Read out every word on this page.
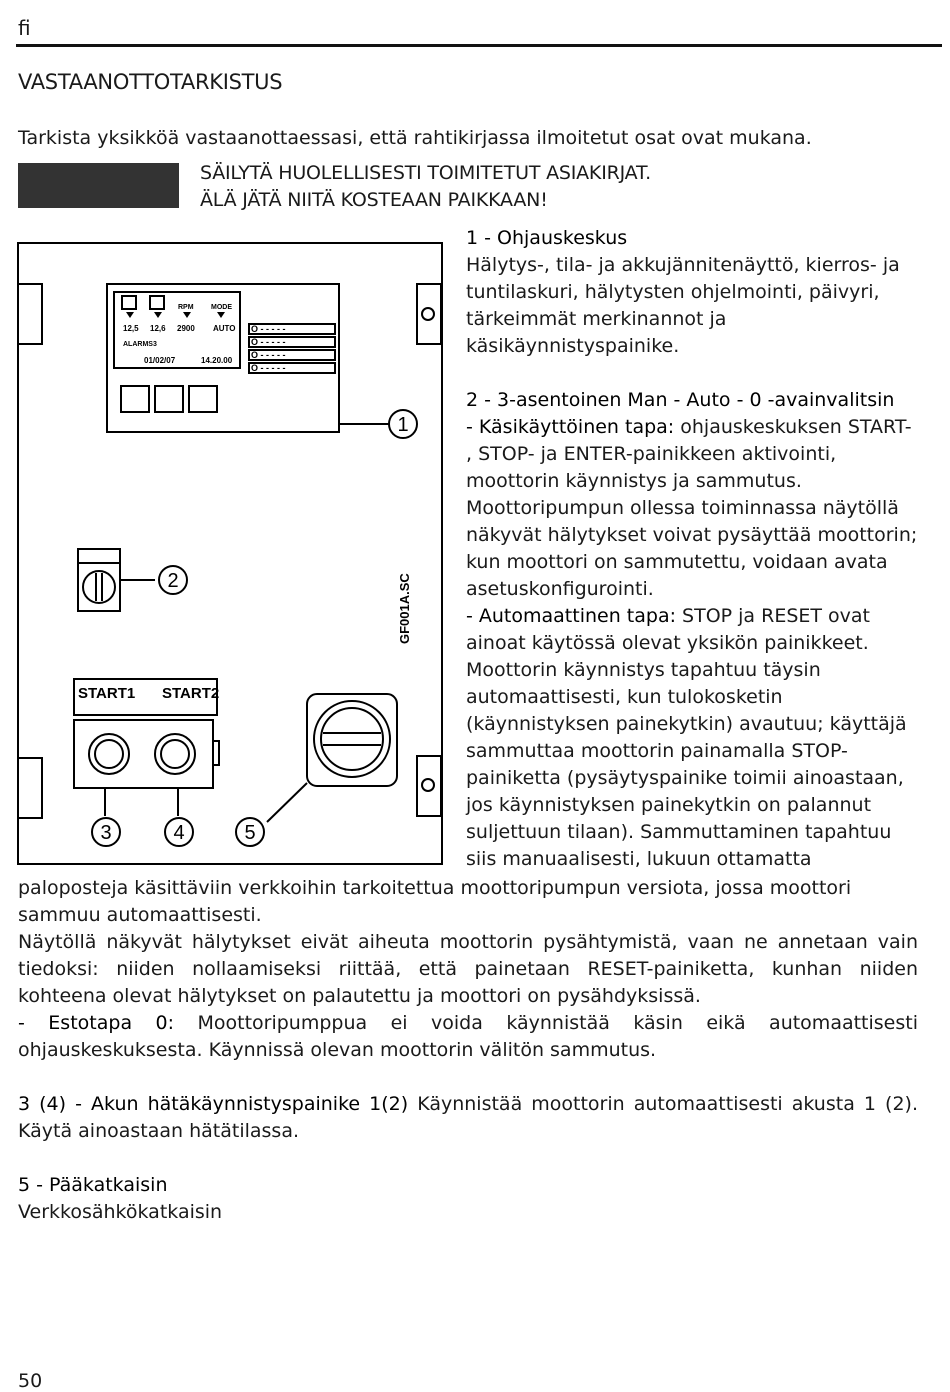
fi
VASTAANOTTOTARKISTUS
Tarkista yksikköä vastaanottaessasi, että rahtikirjassa ilmoitetut osat ovat mukana.
SÄILYTÄ HUOLELLISESTI TOIMITETUT ASIAKIRJAT.
ÄLÄ JÄTÄ NIITÄ KOSTEAAN PAIKKAAN!
RPM MODE
12,5 12,6 2900 AUTO
ALARMS3
01/02/07	14.20.00
O - - - - -
O - - - - -
O - - - - -
O - - - - -
START1 START2
GF001A.SC
1
2
3	4	5
1 - Ohjauskeskus
Hälytys-, tila- ja akkujännitenäyttö, kierros- ja
tuntilaskuri, hälytysten ohjelmointi, päivyri,
tärkeimmät merkinannot ja
käsikäynnistyspainike.
2 - 3-asentoinen Man - Auto - 0 -avainvalitsin
- Käsikäyttöinen tapa: ohjauskeskuksen START-
, STOP- ja ENTER-painikkeen aktivointi,
moottorin käynnistys ja sammutus.
Moottoripumpun ollessa toiminnassa näytöllä
näkyvät hälytykset voivat pysäyttää moottorin;
kun moottori on sammutettu, voidaan avata
asetuskonfigurointi.
- Automaattinen tapa: STOP ja RESET ovat
ainoat käytössä olevat yksikön painikkeet.
Moottorin käynnistys tapahtuu täysin
automaattisesti, kun tulokosketin
(käynnistyksen painekytkin) avautuu; käyttäjä
sammuttaa moottorin painamalla STOP-
painiketta (pysäytyspainike toimii ainoastaan,
jos käynnistyksen painekytkin on palannut
suljettuun tilaan). Sammuttaminen tapahtuu
siis manuaalisesti, lukuun ottamatta
paloposteja käsittäviin verkkoihin tarkoitettua moottoripumpun versiota, jossa moottori
sammuu automaattisesti.
Näytöllä näkyvät hälytykset eivät aiheuta moottorin pysähtymistä, vaan ne annetaan vain
tiedoksi: niiden nollaamiseksi riittää, että painetaan RESET-painiketta, kunhan niiden
kohteena olevat hälytykset on palautettu ja moottori on pysähdyksissä.
- Estotapa 0: Moottoripumppua ei voida käynnistää käsin eikä automaattisesti
ohjauskeskuksesta. Käynnissä olevan moottorin välitön sammutus.
3 (4) - Akun hätäkäynnistyspainike 1(2) Käynnistää moottorin automaattisesti akusta 1 (2).
Käytä ainoastaan hätätilassa.
5 - Pääkatkaisin
Verkkosähkökatkaisin
50
